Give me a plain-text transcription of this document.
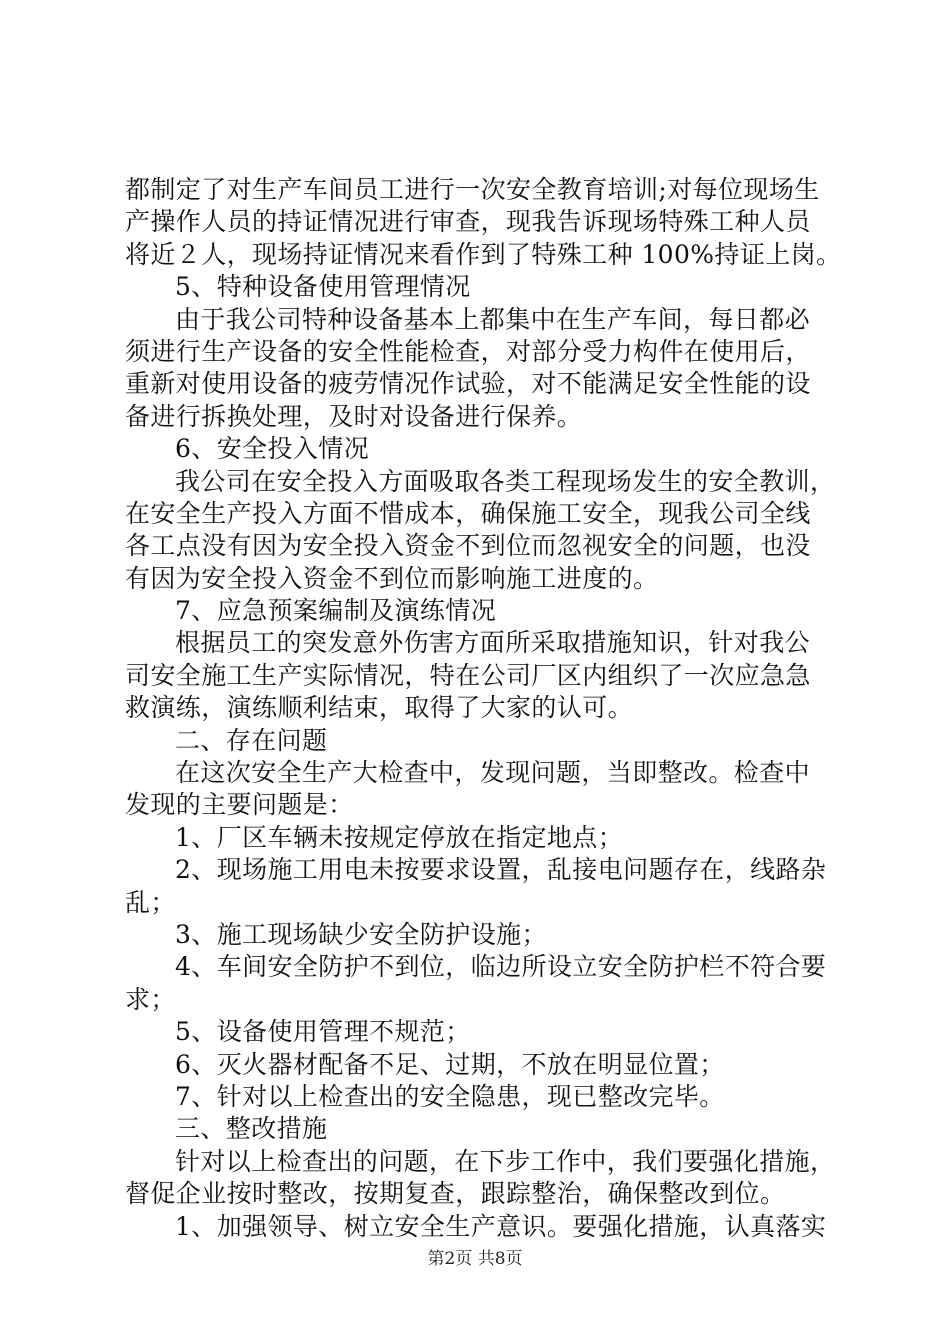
都制定了对生产车间员工进行一次安全教育培训;对每位现场生
产操作人员的持证情况进行审查，现我告诉现场特殊工种人员
将近２人，现场持证情况来看作到了特殊工种 100%持证上岗。
5、特种设备使用管理情况
由于我公司特种设备基本上都集中在生产车间，每日都必
须进行生产设备的安全性能检查，对部分受力构件在使用后，
重新对使用设备的疲劳情况作试验，对不能满足安全性能的设
备进行拆换处理，及时对设备进行保养。
6、安全投入情况
我公司在安全投入方面吸取各类工程现场发生的安全教训，
在安全生产投入方面不惜成本，确保施工安全，现我公司全线
各工点没有因为安全投入资金不到位而忽视安全的问题，也没
有因为安全投入资金不到位而影响施工进度的。
7、应急预案编制及演练情况
根据员工的突发意外伤害方面所采取措施知识，针对我公
司安全施工生产实际情况，特在公司厂区内组织了一次应急急
救演练，演练顺利结束，取得了大家的认可。
二、存在问题
在这次安全生产大检查中，发现问题，当即整改。检查中
发现的主要问题是：
1、厂区车辆未按规定停放在指定地点；
2、现场施工用电未按要求设置，乱接电问题存在，线路杂
乱；
3、施工现场缺少安全防护设施；
4、车间安全防护不到位，临边所设立安全防护栏不符合要
求；
5、设备使用管理不规范；
6、灭火器材配备不足、过期，不放在明显位置；
7、针对以上检查出的安全隐患，现已整改完毕。
三、整改措施
针对以上检查出的问题，在下步工作中，我们要强化措施，
督促企业按时整改，按期复查，跟踪整治，确保整改到位。
1、加强领导、树立安全生产意识。要强化措施，认真落实
第2页 共8页
